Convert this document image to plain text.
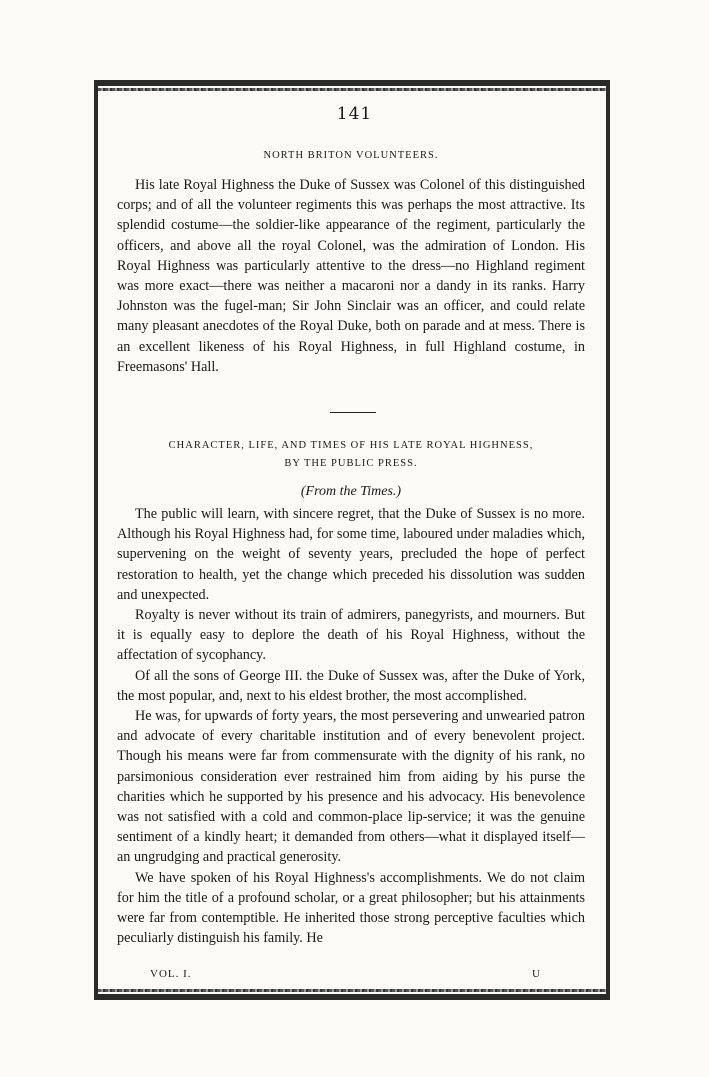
141
NORTH BRITON VOLUNTEERS.

His late Royal Highness the Duke of Sussex was Colonel of this distinguished corps; and of all the volunteer regiments this was perhaps the most attractive. Its splendid costume—the soldier-like appearance of the regiment, particularly the officers, and above all the royal Colonel, was the admiration of London. His Royal Highness was particularly attentive to the dress—no Highland regiment was more exact—there was neither a macaroni nor a dandy in its ranks. Harry Johnston was the fugel-man; Sir John Sinclair was an officer, and could relate many pleasant anecdotes of the Royal Duke, both on parade and at mess. There is an excellent likeness of his Royal Highness, in full Highland costume, in Freemasons' Hall.

CHARACTER, LIFE, AND TIMES OF HIS LATE ROYAL HIGHNESS,
BY THE PUBLIC PRESS.
(From the Times.)

The public will learn, with sincere regret, that the Duke of Sussex is no more. Although his Royal Highness had, for some time, laboured under maladies which, supervening on the weight of seventy years, precluded the hope of perfect restoration to health, yet the change which preceded his dissolution was sudden and unexpected.

Royalty is never without its train of admirers, panegyrists, and mourners. But it is equally easy to deplore the death of his Royal Highness, without the affectation of sycophancy.

Of all the sons of George III. the Duke of Sussex was, after the Duke of York, the most popular, and, next to his eldest brother, the most accomplished.

He was, for upwards of forty years, the most persevering and unwearied patron and advocate of every charitable institution and of every benevolent project. Though his means were far from commensurate with the dignity of his rank, no parsimonious consideration ever restrained him from aiding by his purse the charities which he supported by his presence and his advocacy. His benevolence was not satisfied with a cold and common-place lip-service; it was the genuine sentiment of a kindly heart; it demanded from others—what it displayed itself—an ungrudging and practical generosity.

We have spoken of his Royal Highness's accomplishments. We do not claim for him the title of a profound scholar, or a great philosopher; but his attainments were far from contemptible. He inherited those strong perceptive faculties which peculiarly distinguish his family. He

VOL. I.	U
